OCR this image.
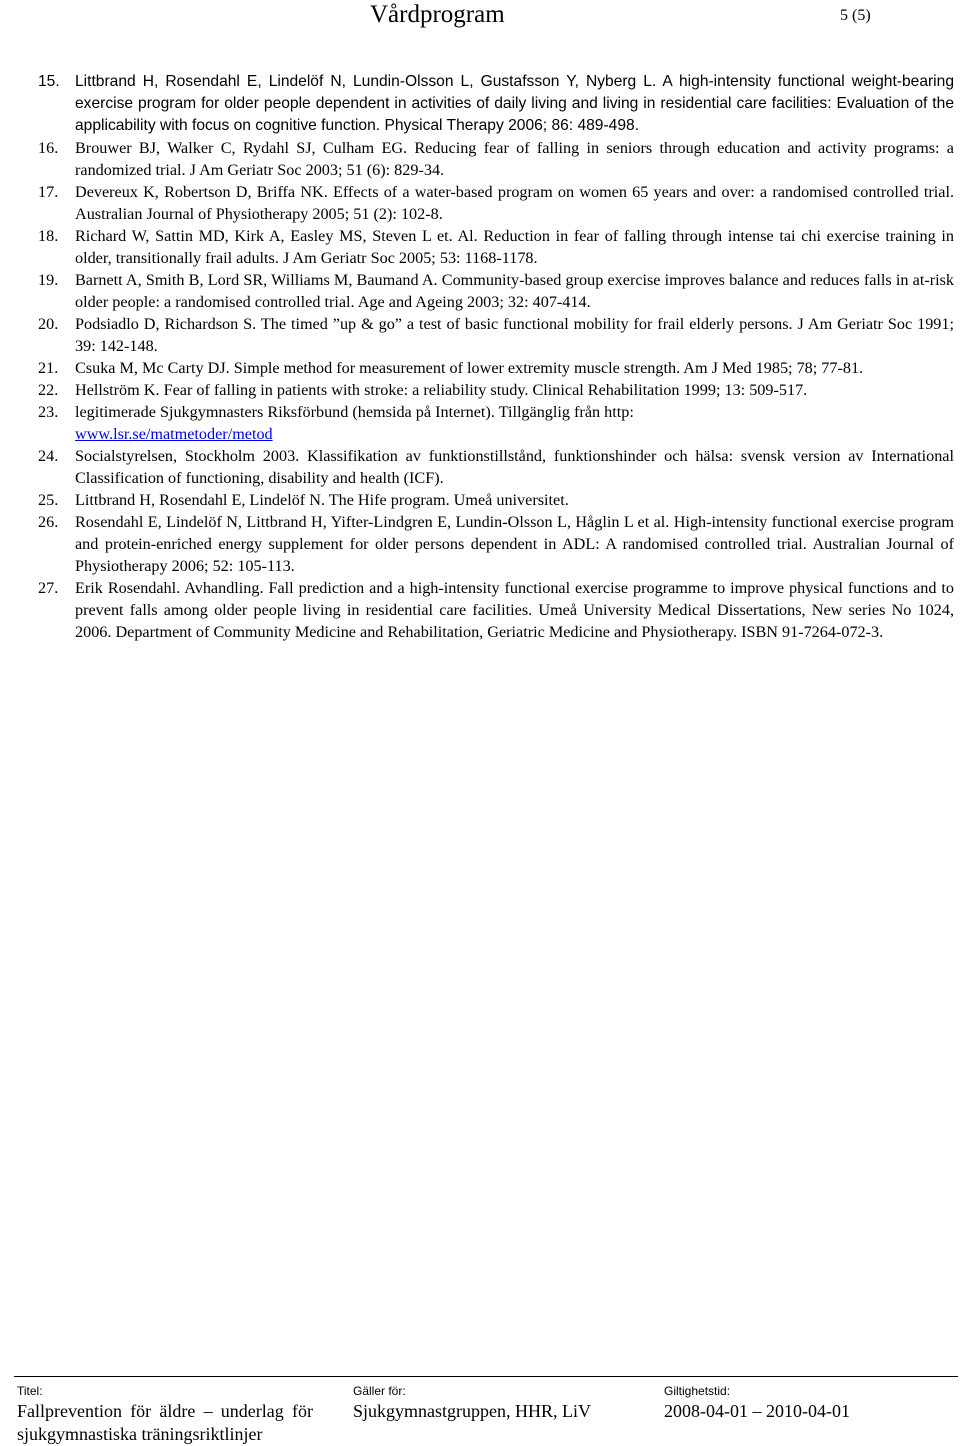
Vårdprogram	5 (5)
15. Littbrand H, Rosendahl E, Lindelöf N, Lundin-Olsson L, Gustafsson Y, Nyberg L. A high-intensity functional weight-bearing exercise program for older people dependent in activities of daily living and living in residential care facilities: Evaluation of the applicability with focus on cognitive function. Physical Therapy 2006; 86: 489-498.
16. Brouwer BJ, Walker C, Rydahl SJ, Culham EG. Reducing fear of falling in seniors through education and activity programs: a randomized trial. J Am Geriatr Soc 2003; 51 (6): 829-34.
17. Devereux K, Robertson D, Briffa NK. Effects of a water-based program on women 65 years and over: a randomised controlled trial. Australian Journal of Physiotherapy 2005; 51 (2): 102-8.
18. Richard W, Sattin MD, Kirk A, Easley MS, Steven L et. Al. Reduction in fear of falling through intense tai chi exercise training in older, transitionally frail adults. J Am Geriatr Soc 2005; 53: 1168-1178.
19. Barnett A, Smith B, Lord SR, Williams M, Baumand A. Community-based group exercise improves balance and reduces falls in at-risk older people: a randomised controlled trial. Age and Ageing 2003; 32: 407-414.
20. Podsiadlo D, Richardson S. The timed ”up & go” a test of basic functional mobility for frail elderly persons. J Am Geriatr Soc 1991; 39: 142-148.
21. Csuka M, Mc Carty DJ. Simple method for measurement of lower extremity muscle strength. Am J Med 1985; 78; 77-81.
22. Hellström K. Fear of falling in patients with stroke: a reliability study. Clinical Rehabilitation 1999; 13: 509-517.
23. legitimerade Sjukgymnasters Riksförbund (hemsida på Internet). Tillgänglig från http:
www.lsr.se/matmetoder/metod
24. Socialstyrelsen, Stockholm 2003. Klassifikation av funktionstillstånd, funktionshinder och hälsa: svensk version av International Classification of functioning, disability and health (ICF).
25. Littbrand H, Rosendahl E, Lindelöf N. The Hife program. Umeå universitet.
26. Rosendahl E, Lindelöf N, Littbrand H, Yifter-Lindgren E, Lundin-Olsson L, Håglin L et al. High-intensity functional exercise program and protein-enriched energy supplement for older persons dependent in ADL: A randomised controlled trial. Australian Journal of Physiotherapy 2006; 52: 105-113.
27. Erik Rosendahl. Avhandling. Fall prediction and a high-intensity functional exercise programme to improve physical functions and to prevent falls among older people living in residential care facilities. Umeå University Medical Dissertations, New series No 1024, 2006. Department of Community Medicine and Rehabilitation, Geriatric Medicine and Physiotherapy. ISBN 91-7264-072-3.
Titel:
Fallprevention för äldre – underlag för
sjukgymnastiska träningsriktlinjer
Gäller för:
Sjukgymnastgruppen, HHR, LiV
Giltighetstid:
2008-04-01 – 2010-04-01
